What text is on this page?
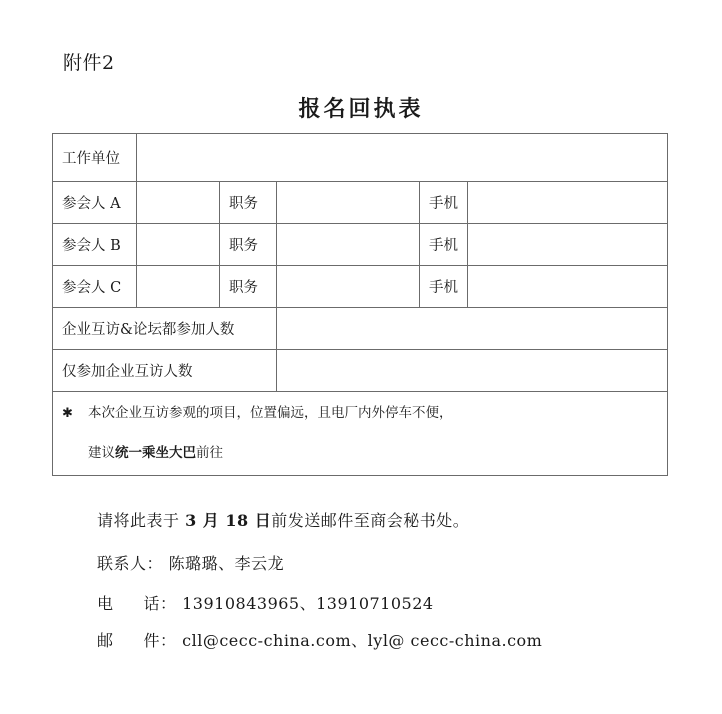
附件2
报名回执表
工作单位					
参会人 A		职务		手机	
参会人 B		职务		手机	
参会人 C		职务		手机	
企业互访&论坛都参加人数					
仅参加企业互访人数					

✱ 本次企业互访参观的项目，位置偏远，且电厂内外停车不便，
建议统一乘坐大巴前往					
请将此表于 3 月 18 日前发送邮件至商会秘书处。
联系人： 陈璐璐、李云龙
电 话： 13910843965、13910710524
邮 件： cll@cecc-china.com、lyl@ cecc-china.com
